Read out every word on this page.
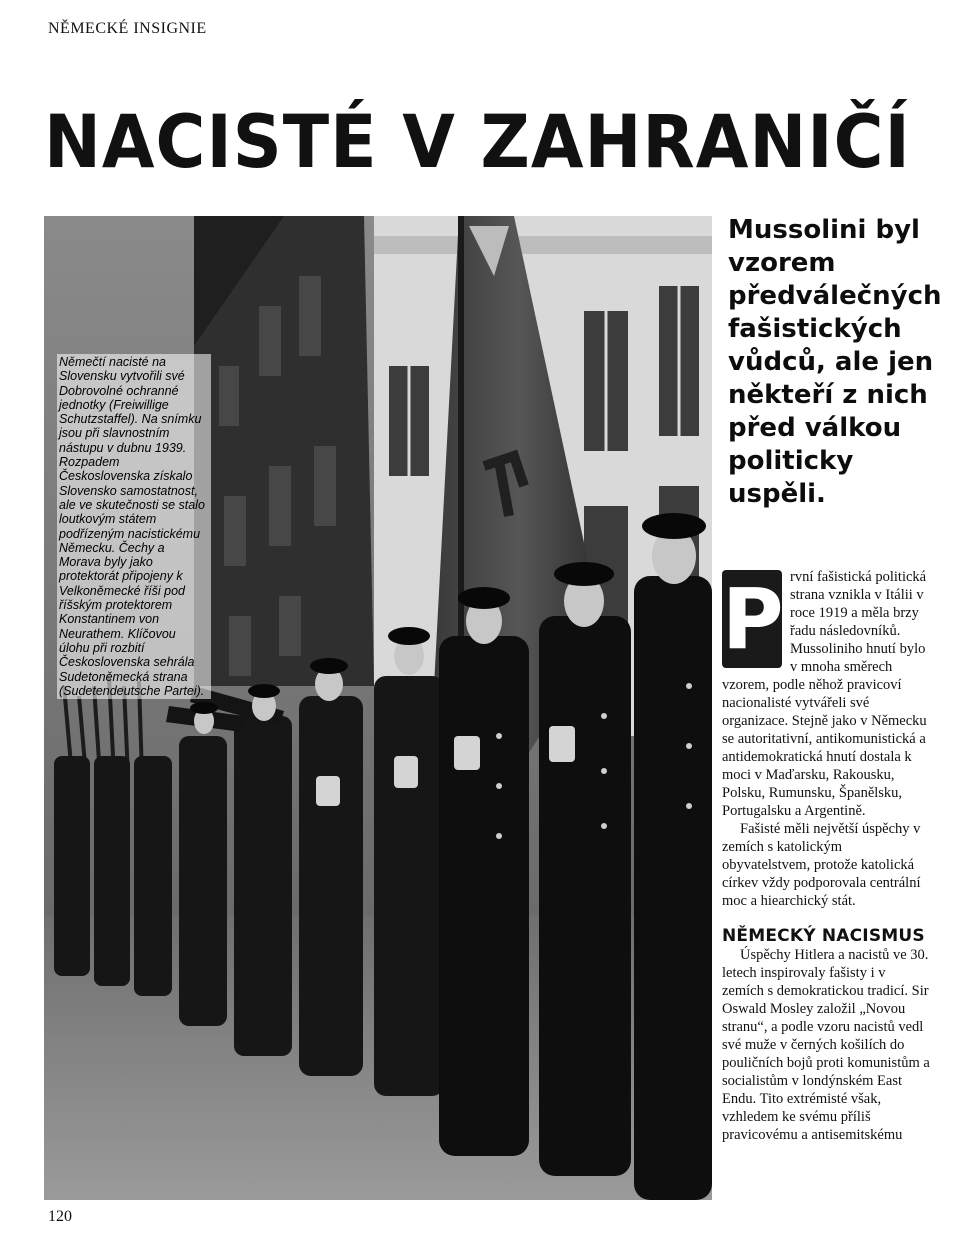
NĚMECKÉ INSIGNIE
NACISTÉ V ZAHRANIČÍ

Němečtí nacisté na Slovensku vytvořili své Dobrovolné ochranné jednotky (Freiwillige Schutzstaffel). Na snímku jsou při slavnostním nástupu v dubnu 1939. Rozpadem Československa získalo Slovensko samostatnost, ale ve skutečnosti se stalo loutkovým státem podřízeným nacistickému Německu. Čechy a Morava byly jako protektorát připojeny k Velkoněmecké říši pod říšským protektorem Konstantinem von Neurathem. Klíčovou úlohu při rozbití Československa sehrála Sudetoněmecká strana (Sudetendeutsche Partei).

Mussolini byl vzorem předválečných fašistických vůdců, ale jen někteří z nich před válkou politicky uspěli.

P rvní fašistická politická strana vznikla v Itálii v roce 1919 a měla brzy řadu následovníků. Mussoliniho hnutí bylo v mnoha směrech vzorem, podle něhož pravicoví nacionalisté vytvářeli své organizace. Stejně jako v Německu se autoritativní, antikomunistická a antidemokratická hnutí dostala k moci v Maďarsku, Rakousku, Polsku, Rumunsku, Španělsku, Portugalsku a Argentině.

Fašisté měli největší úspěchy v zemích s katolickým obyvatelstvem, protože katolická církev vždy podporovala centrální moc a hiearchický stát.

NĚMECKÝ NACISMUS

Úspěchy Hitlera a nacistů ve 30. letech inspirovaly fašisty i v zemích s demokratickou tradicí. Sir Oswald Mosley založil „Novou stranu“, a podle vzoru nacistů vedl své muže v černých košilích do pouličních bojů proti komunistům a socialistům v londýnském East Endu. Tito extrémisté však, vzhledem ke svému příliš pravicovému a antisemitskému

120
